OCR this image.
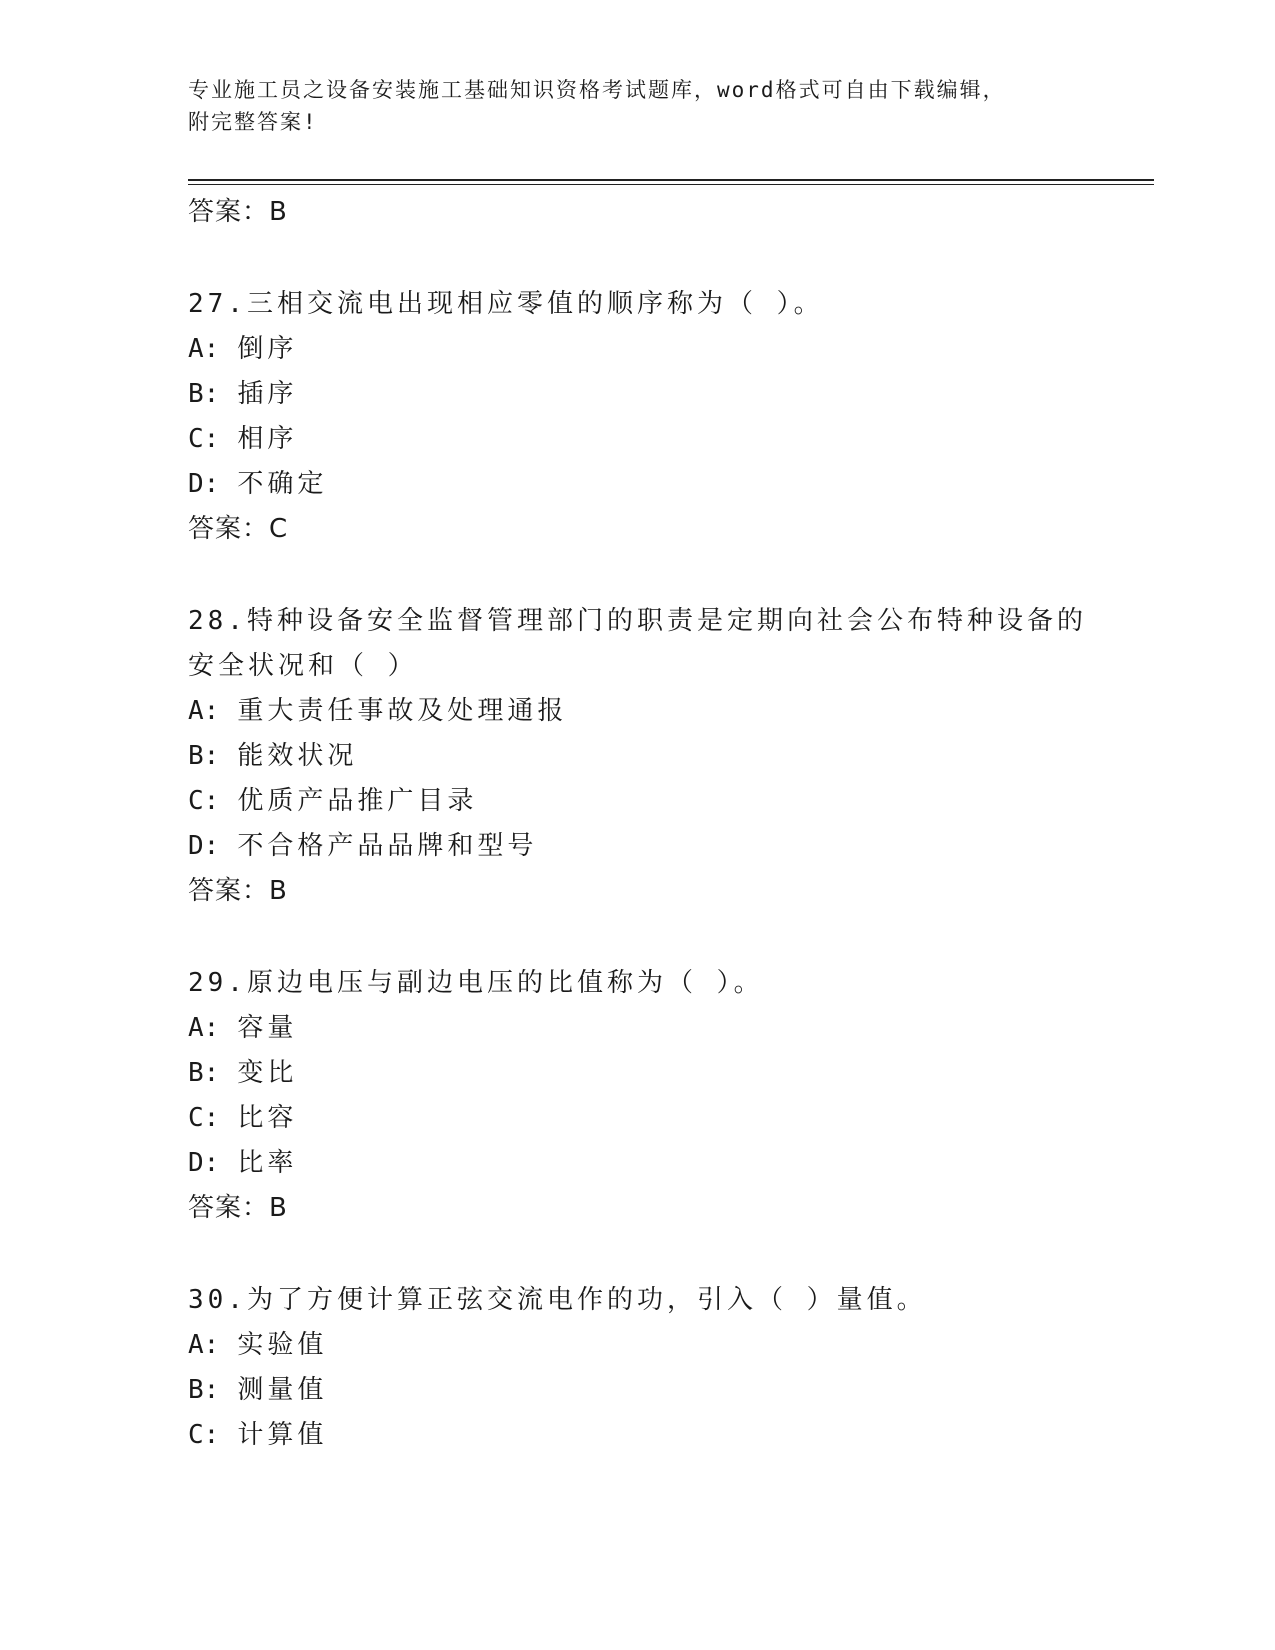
专业施工员之设备安装施工基础知识资格考试题库，word格式可自由下载编辑，
附完整答案!
答案：B
27.三相交流电出现相应零值的顺序称为（ ）。
A: 倒序
B: 插序
C: 相序
D: 不确定
答案：C
28.特种设备安全监督管理部门的职责是定期向社会公布特种设备的安全状况和（ ）
A: 重大责任事故及处理通报
B: 能效状况
C: 优质产品推广目录
D: 不合格产品品牌和型号
答案：B
29.原边电压与副边电压的比值称为（ ）。
A: 容量
B: 变比
C: 比容
D: 比率
答案：B
30.为了方便计算正弦交流电作的功，引入（ ）量值。
A: 实验值
B: 测量值
C: 计算值
